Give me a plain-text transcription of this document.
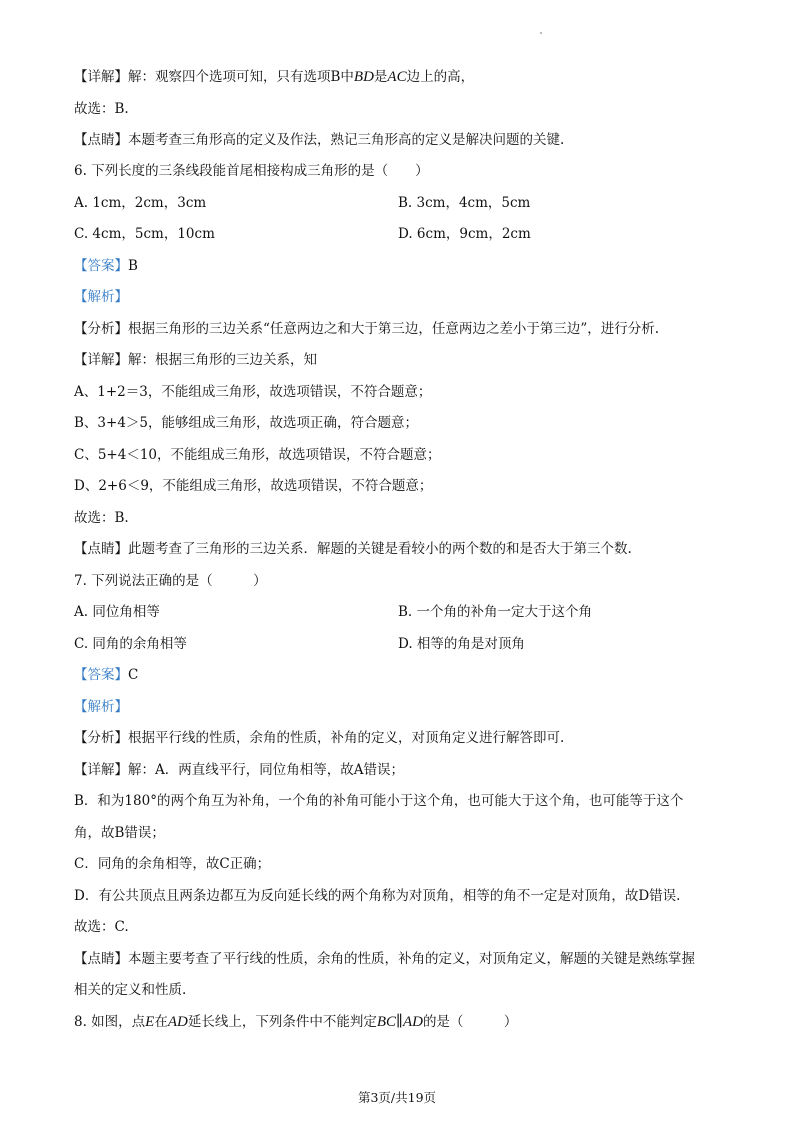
【详解】解：观察四个选项可知，只有选项B中BD是AC边上的高，
故选：B.
【点睛】本题考查三角形高的定义及作法，熟记三角形高的定义是解决问题的关键.
6. 下列长度的三条线段能首尾相接构成三角形的是（　　）
A. 1cm，2cm，3cm	B. 3cm，4cm，5cm
C. 4cm，5cm，10cm	D. 6cm，9cm，2cm
【答案】B
【解析】
【分析】根据三角形的三边关系“任意两边之和大于第三边，任意两边之差小于第三边”，进行分析.
【详解】解：根据三角形的三边关系，知
A、1+2＝3，不能组成三角形，故选项错误，不符合题意；
B、3+4＞5，能够组成三角形，故选项正确，符合题意；
C、5+4＜10，不能组成三角形，故选项错误，不符合题意；
D、2+6＜9，不能组成三角形，故选项错误，不符合题意；
故选：B.
【点睛】此题考查了三角形的三边关系．解题的关键是看较小的两个数的和是否大于第三个数.
7. 下列说法正确的是（　　　）
A. 同位角相等	B. 一个角的补角一定大于这个角
C. 同角的余角相等	D. 相等的角是对顶角
【答案】C
【解析】
【分析】根据平行线的性质，余角的性质，补角的定义，对顶角定义进行解答即可.
【详解】解：A．两直线平行，同位角相等，故A错误；
B．和为180°的两个角互为补角，一个角的补角可能小于这个角，也可能大于这个角，也可能等于这个
角，故B错误；
C．同角的余角相等，故C正确；
D．有公共顶点且两条边都互为反向延长线的两个角称为对顶角，相等的角不一定是对顶角，故D错误.
故选：C.
【点睛】本题主要考查了平行线的性质，余角的性质，补角的定义，对顶角定义，解题的关键是熟练掌握
相关的定义和性质.
8. 如图，点E在AD延长线上，下列条件中不能判定BC∥AD的是（　　　）
第3页/共19页
